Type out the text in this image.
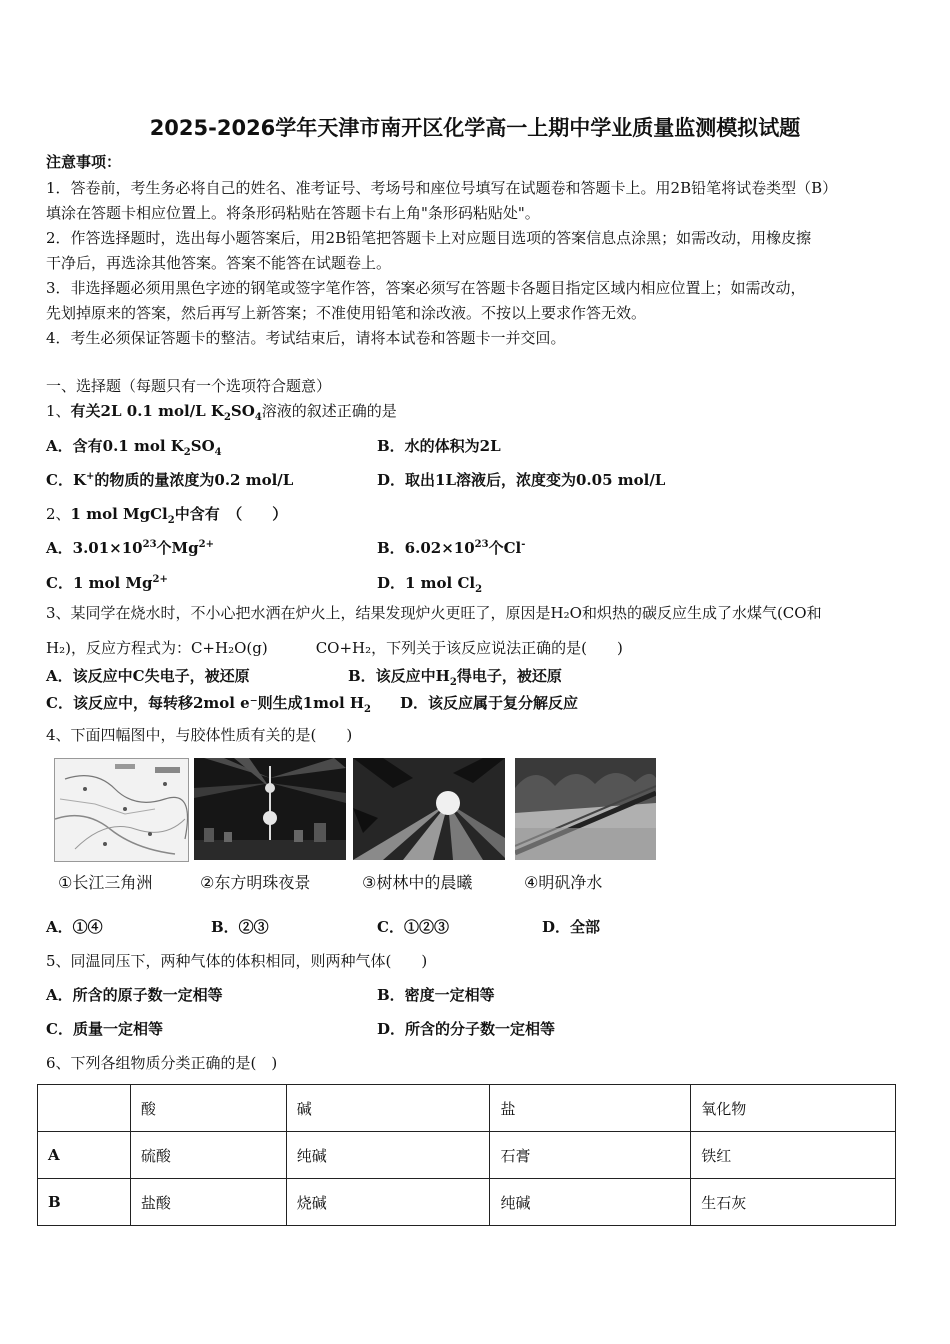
2025-2026学年天津市南开区化学高一上期中学业质量监测模拟试题
注意事项：
1．答卷前，考生务必将自己的姓名、准考证号、考场号和座位号填写在试题卷和答题卡上。用2B铅笔将试卷类型（B）
填涂在答题卡相应位置上。将条形码粘贴在答题卡右上角"条形码粘贴处"。
2．作答选择题时，选出每小题答案后，用2B铅笔把答题卡上对应题目选项的答案信息点涂黑；如需改动，用橡皮擦
干净后，再选涂其他答案。答案不能答在试题卷上。
3．非选择题必须用黑色字迹的钢笔或签字笔作答，答案必须写在答题卡各题目指定区域内相应位置上；如需改动，
先划掉原来的答案，然后再写上新答案；不准使用铅笔和涂改液。不按以上要求作答无效。
4．考生必须保证答题卡的整洁。考试结束后，请将本试卷和答题卡一并交回。
一、选择题（每题只有一个选项符合题意）
1、有关2L 0.1 mol/L $K_2SO_4$溶液的叙述正确的是
A．含有0.1 mol $K_2SO_4$	B．水的体积为2L
C．K+的物质的量浓度为0.2 mol/L	D．取出1L溶液后，浓度变为0.05 mol/L
2、1 mol MgCl$_2$中含有　（　　）
A．$3.01\times 10^{23}$个$Mg^{2+}$	B．$6.02\times 10^{23}$个Cl-
C．1 mol $Mg^{2+}$	D．1 mol $Cl_2$
3、某同学在烧水时，不小心把水洒在炉火上，结果发现炉火更旺了，原因是H₂O和炽热的碳反应生成了水煤气(CO和
H₂)，反应方程式为：C+H₂O(g)	CO+H₂，下列关于该反应说法正确的是(　　)
A．该反应中C失电子，被还原	B．该反应中$H_2$得电子，被还原
C．该反应中，每转移2mol e⁻则生成1mol $H_2$ D．该反应属于复分解反应
4、下面四幅图中，与胶体性质有关的是(　　)
①长江三角洲	②东方明珠夜景	③树林中的晨曦	④明矾净水
A．①④	B．②③	C．①②③	D．全部
5、同温同压下，两种气体的体积相同，则两种气体(　　)
A．所含的原子数一定相等	B．密度一定相等
C．质量一定相等	D．所含的分子数一定相等
6、下列各组物质分类正确的是(　)
	酸	碱	盐	氧化物
A	硫酸	纯碱	石膏	铁红
B	盐酸	烧碱	纯碱	生石灰
